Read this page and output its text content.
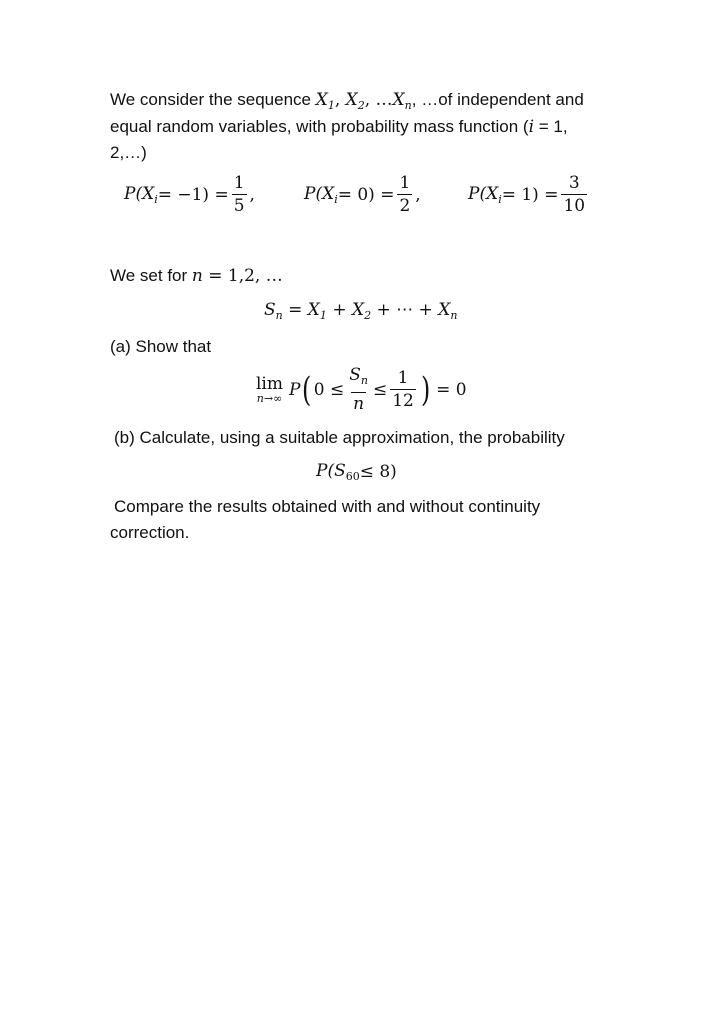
We consider the sequence $X_1$, $X_2$, $\dots X_n$, …of independent and
equal random variables, with probability mass function (i = 1,
2,…)
$P(X_i = -1) = \frac{1}{5}$ ,	$P(X_i = 0) = \frac{1}{2}$ ,	$P(X_i = 1) = \frac{3}{10}$
We set for n = 1,2, …
$S_n = X_1 + X_2$ + ⋯ + $X_n$
(a) Show that
lim
n→∞ P ( $0 \le \frac{S_n}{n} \le \frac{1}{12}$ ) = 0
(b) Calculate, using a suitable approximation, the probability
$P(S_{60} \le 8)$
Compare the results obtained with and without continuity
correction.
